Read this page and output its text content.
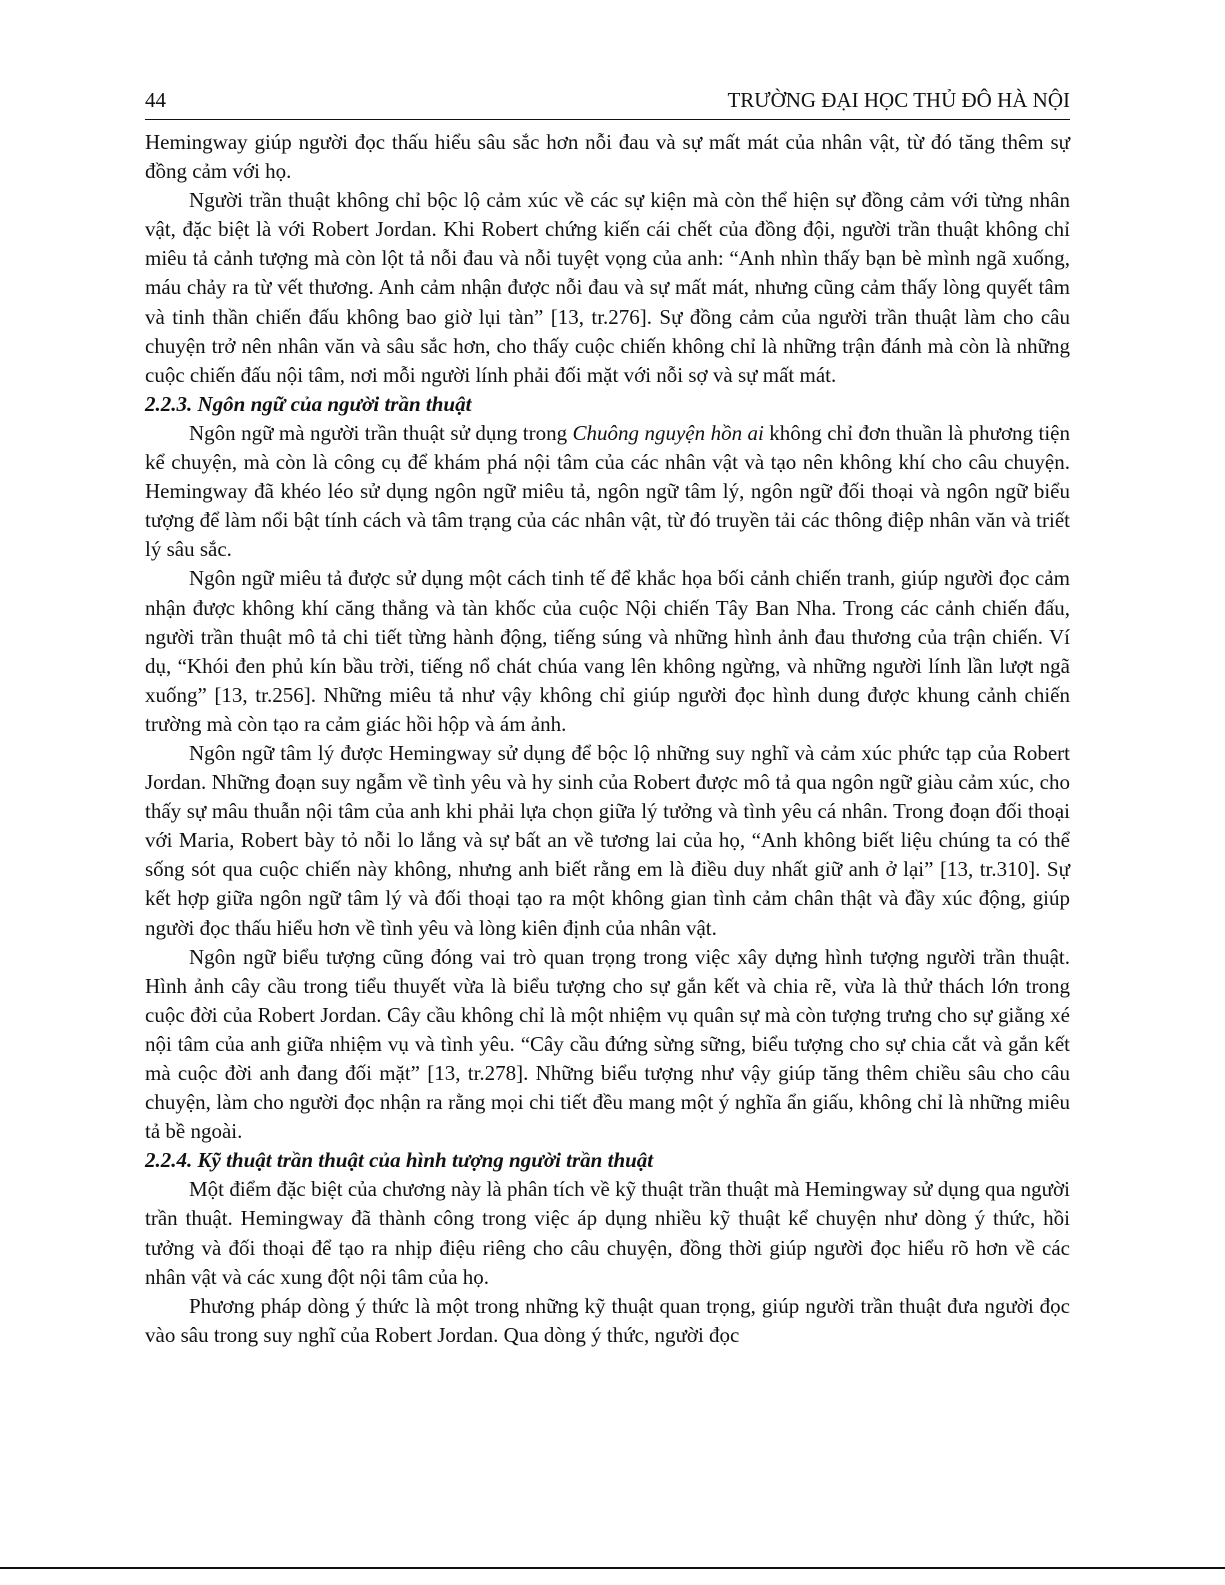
44	TRƯỜNG ĐẠI HỌC THỦ ĐÔ HÀ NỘI

Hemingway giúp người đọc thấu hiểu sâu sắc hơn nỗi đau và sự mất mát của nhân vật, từ đó tăng thêm sự đồng cảm với họ.

Người trần thuật không chỉ bộc lộ cảm xúc về các sự kiện mà còn thể hiện sự đồng cảm với từng nhân vật, đặc biệt là với Robert Jordan. Khi Robert chứng kiến cái chết của đồng đội, người trần thuật không chỉ miêu tả cảnh tượng mà còn lột tả nỗi đau và nỗi tuyệt vọng của anh: “Anh nhìn thấy bạn bè mình ngã xuống, máu chảy ra từ vết thương. Anh cảm nhận được nỗi đau và sự mất mát, nhưng cũng cảm thấy lòng quyết tâm và tinh thần chiến đấu không bao giờ lụi tàn” [13, tr.276]. Sự đồng cảm của người trần thuật làm cho câu chuyện trở nên nhân văn và sâu sắc hơn, cho thấy cuộc chiến không chỉ là những trận đánh mà còn là những cuộc chiến đấu nội tâm, nơi mỗi người lính phải đối mặt với nỗi sợ và sự mất mát.

2.2.3. Ngôn ngữ của người trần thuật

Ngôn ngữ mà người trần thuật sử dụng trong Chuông nguyện hồn ai không chỉ đơn thuần là phương tiện kể chuyện, mà còn là công cụ để khám phá nội tâm của các nhân vật và tạo nên không khí cho câu chuyện. Hemingway đã khéo léo sử dụng ngôn ngữ miêu tả, ngôn ngữ tâm lý, ngôn ngữ đối thoại và ngôn ngữ biểu tượng để làm nổi bật tính cách và tâm trạng của các nhân vật, từ đó truyền tải các thông điệp nhân văn và triết lý sâu sắc.

Ngôn ngữ miêu tả được sử dụng một cách tinh tế để khắc họa bối cảnh chiến tranh, giúp người đọc cảm nhận được không khí căng thẳng và tàn khốc của cuộc Nội chiến Tây Ban Nha. Trong các cảnh chiến đấu, người trần thuật mô tả chi tiết từng hành động, tiếng súng và những hình ảnh đau thương của trận chiến. Ví dụ, “Khói đen phủ kín bầu trời, tiếng nổ chát chúa vang lên không ngừng, và những người lính lần lượt ngã xuống” [13, tr.256]. Những miêu tả như vậy không chỉ giúp người đọc hình dung được khung cảnh chiến trường mà còn tạo ra cảm giác hồi hộp và ám ảnh.

Ngôn ngữ tâm lý được Hemingway sử dụng để bộc lộ những suy nghĩ và cảm xúc phức tạp của Robert Jordan. Những đoạn suy ngẫm về tình yêu và hy sinh của Robert được mô tả qua ngôn ngữ giàu cảm xúc, cho thấy sự mâu thuẫn nội tâm của anh khi phải lựa chọn giữa lý tưởng và tình yêu cá nhân. Trong đoạn đối thoại với Maria, Robert bày tỏ nỗi lo lắng và sự bất an về tương lai của họ, “Anh không biết liệu chúng ta có thể sống sót qua cuộc chiến này không, nhưng anh biết rằng em là điều duy nhất giữ anh ở lại” [13, tr.310]. Sự kết hợp giữa ngôn ngữ tâm lý và đối thoại tạo ra một không gian tình cảm chân thật và đầy xúc động, giúp người đọc thấu hiểu hơn về tình yêu và lòng kiên định của nhân vật.

Ngôn ngữ biểu tượng cũng đóng vai trò quan trọng trong việc xây dựng hình tượng người trần thuật. Hình ảnh cây cầu trong tiểu thuyết vừa là biểu tượng cho sự gắn kết và chia rẽ, vừa là thử thách lớn trong cuộc đời của Robert Jordan. Cây cầu không chỉ là một nhiệm vụ quân sự mà còn tượng trưng cho sự giằng xé nội tâm của anh giữa nhiệm vụ và tình yêu. “Cây cầu đứng sừng sững, biểu tượng cho sự chia cắt và gắn kết mà cuộc đời anh đang đối mặt” [13, tr.278]. Những biểu tượng như vậy giúp tăng thêm chiều sâu cho câu chuyện, làm cho người đọc nhận ra rằng mọi chi tiết đều mang một ý nghĩa ẩn giấu, không chỉ là những miêu tả bề ngoài.

2.2.4. Kỹ thuật trần thuật của hình tượng người trần thuật

Một điểm đặc biệt của chương này là phân tích về kỹ thuật trần thuật mà Hemingway sử dụng qua người trần thuật. Hemingway đã thành công trong việc áp dụng nhiều kỹ thuật kể chuyện như dòng ý thức, hồi tưởng và đối thoại để tạo ra nhịp điệu riêng cho câu chuyện, đồng thời giúp người đọc hiểu rõ hơn về các nhân vật và các xung đột nội tâm của họ.

Phương pháp dòng ý thức là một trong những kỹ thuật quan trọng, giúp người trần thuật đưa người đọc vào sâu trong suy nghĩ của Robert Jordan. Qua dòng ý thức, người đọc
